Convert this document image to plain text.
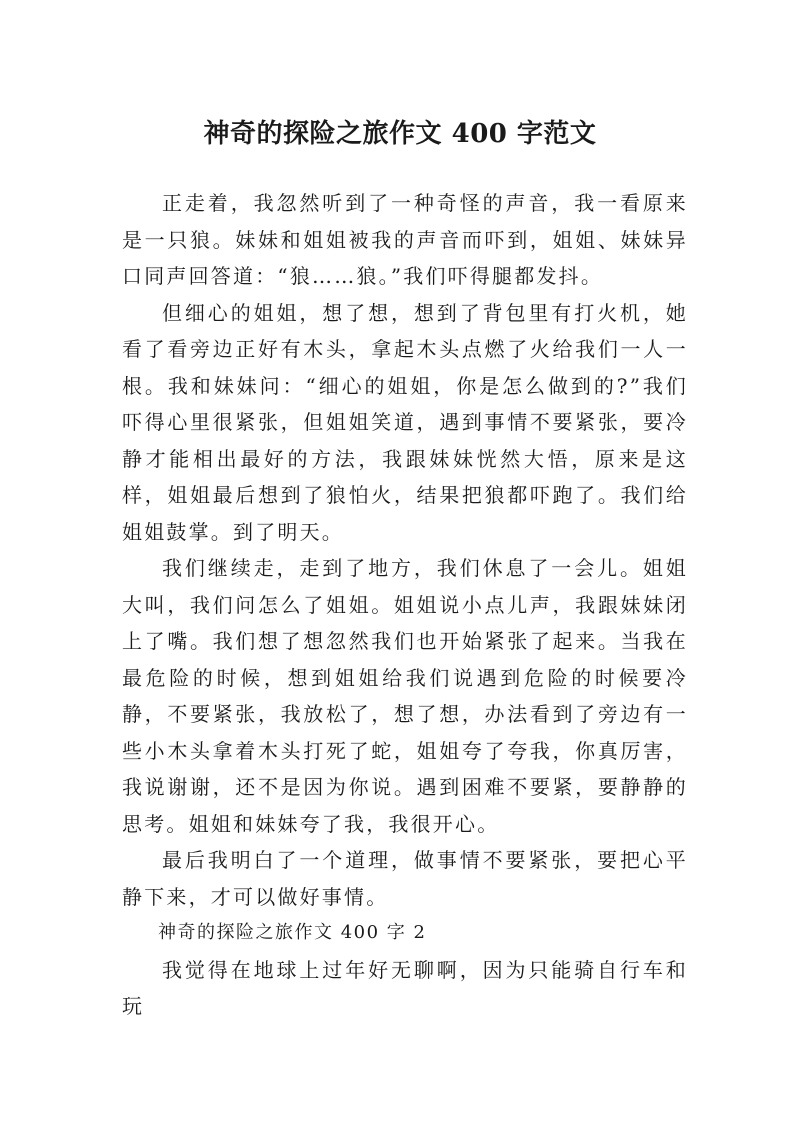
神奇的探险之旅作文 400 字范文

正走着，我忽然听到了一种奇怪的声音，我一看原来是一只狼。妹妹和姐姐被我的声音而吓到，姐姐、妹妹异口同声回答道：“狼……狼。”我们吓得腿都发抖。

但细心的姐姐，想了想，想到了背包里有打火机，她看了看旁边正好有木头，拿起木头点燃了火给我们一人一根。我和妹妹问：“细心的姐姐，你是怎么做到的?”我们吓得心里很紧张，但姐姐笑道，遇到事情不要紧张，要冷静才能相出最好的方法，我跟妹妹恍然大悟，原来是这样，姐姐最后想到了狼怕火，结果把狼都吓跑了。我们给姐姐鼓掌。到了明天。

我们继续走，走到了地方，我们休息了一会儿。姐姐大叫，我们问怎么了姐姐。姐姐说小点儿声，我跟妹妹闭上了嘴。我们想了想忽然我们也开始紧张了起来。当我在最危险的时候，想到姐姐给我们说遇到危险的时候要冷静，不要紧张，我放松了，想了想，办法看到了旁边有一些小木头拿着木头打死了蛇，姐姐夸了夸我，你真厉害，我说谢谢，还不是因为你说。遇到困难不要紧，要静静的思考。姐姐和妹妹夸了我，我很开心。

最后我明白了一个道理，做事情不要紧张，要把心平静下来，才可以做好事情。

神奇的探险之旅作文 400 字 2

我觉得在地球上过年好无聊啊，因为只能骑自行车和玩
